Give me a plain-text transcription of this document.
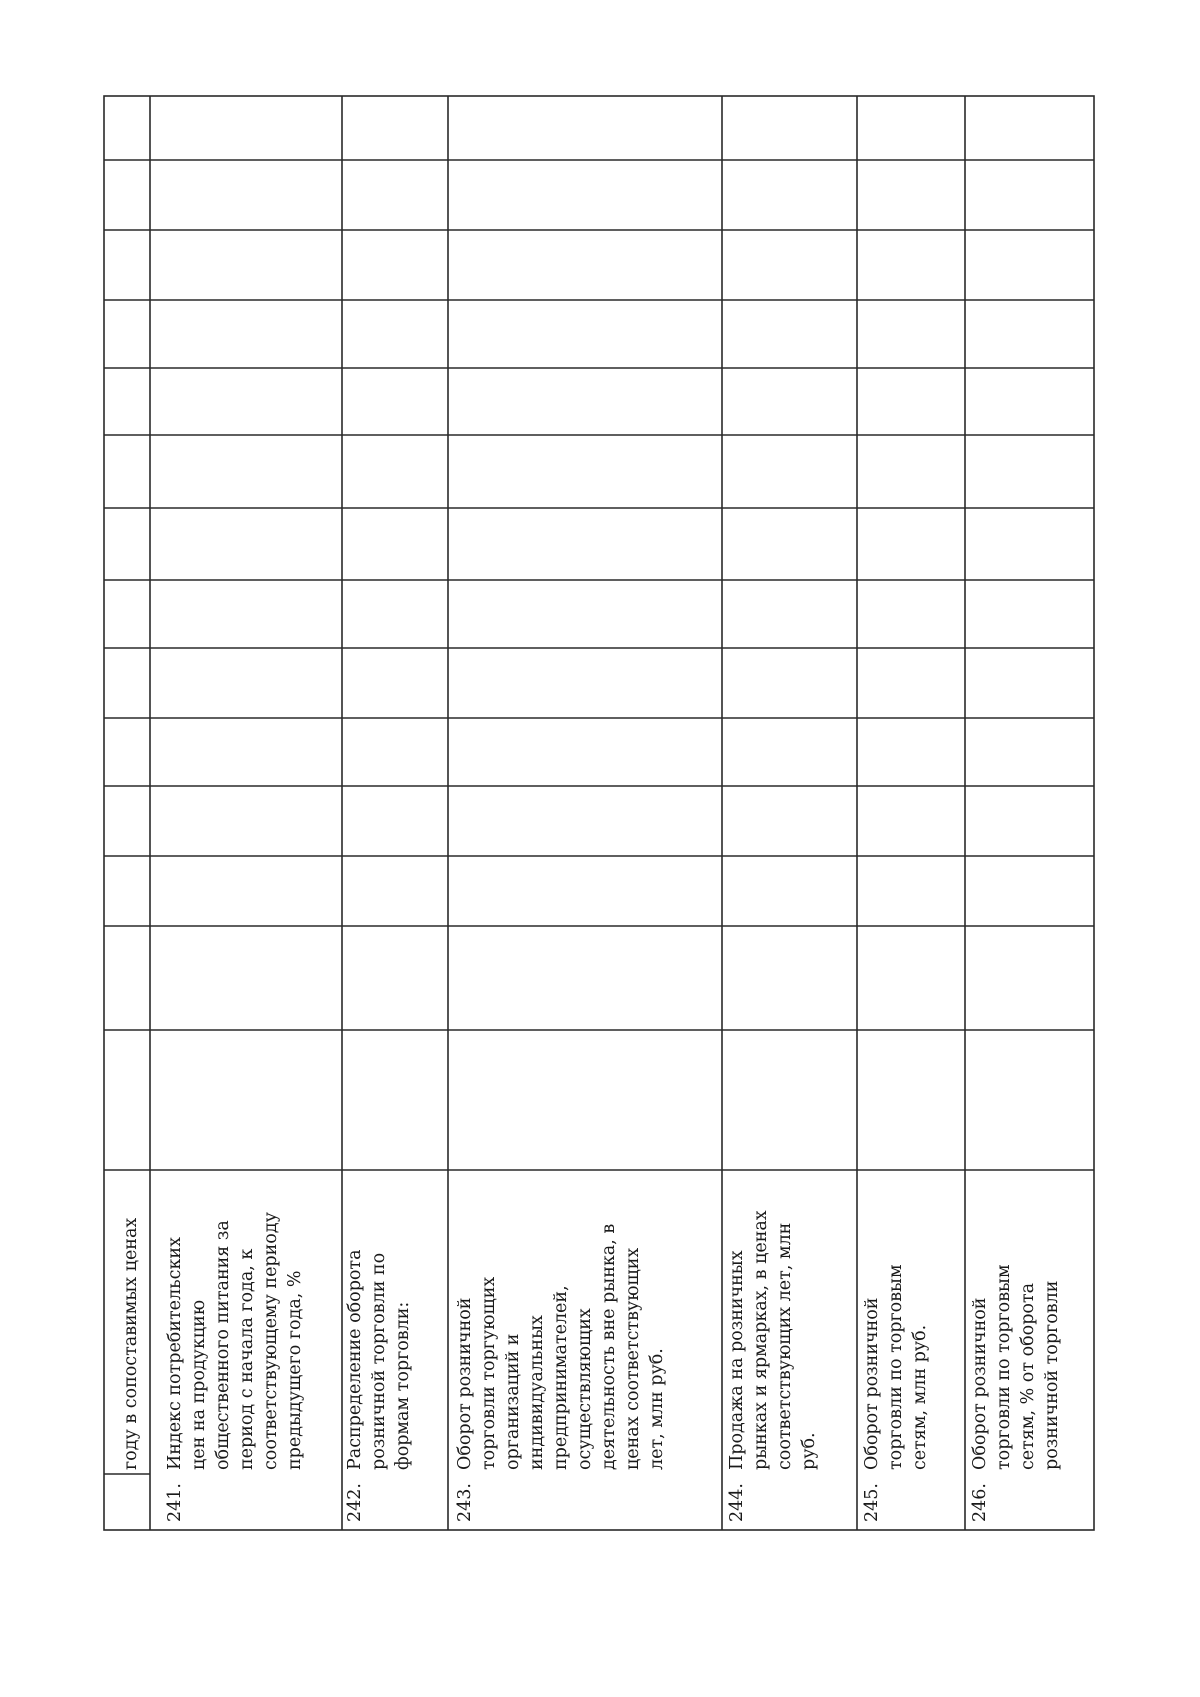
году в сопоставимых ценах
241.
Индекс потребительских цен на продукцию общественного питания за период с начала года, к соответствующему периоду предыдущего года, %
242.
Распределение оборота розничной торговли по формам торговли:
243.
Оборот розничной торговли торгующих организаций и индивидуальных предпринимателей, осуществляющих деятельность вне рынка, в ценах соответствующих лет, млн руб.
244.
Продажа на розничных рынках и ярмарках, в ценах соответствующих лет, млн руб.
245.
Оборот розничной торговли по торговым сетям, млн руб.
246.
Оборот розничной торговли по торговым сетям, % от оборота розничной торговли
